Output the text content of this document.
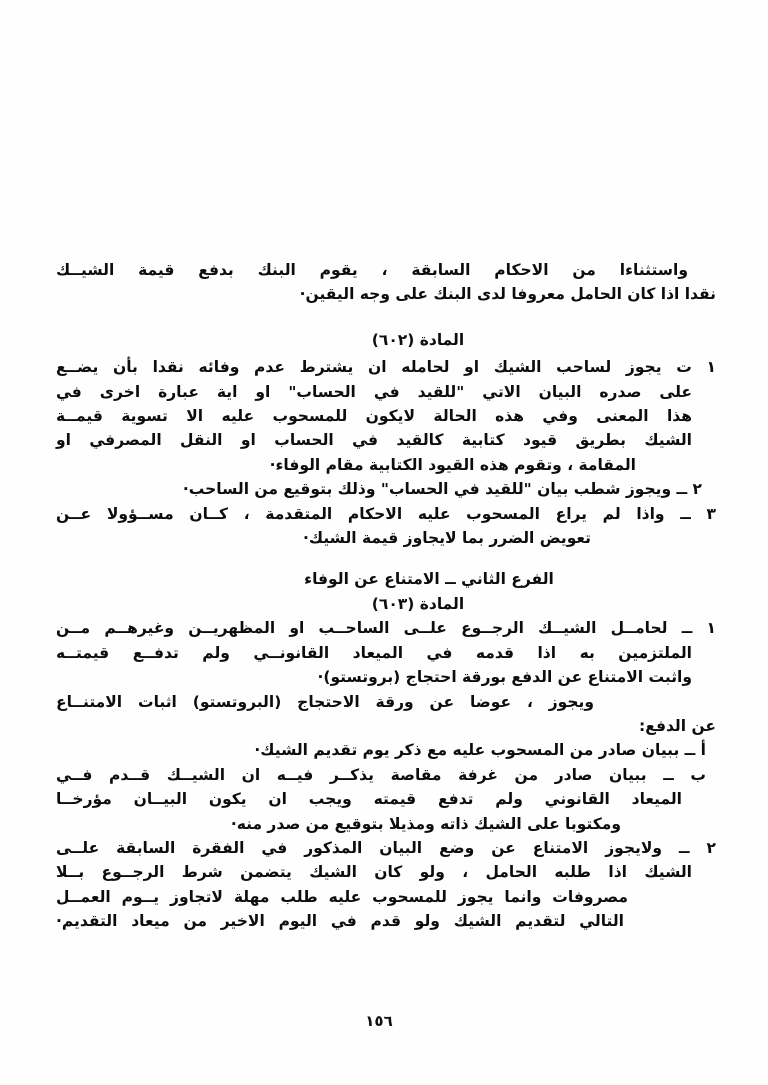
واستثناءا من الاحكام السابقة ، يقوم البنك بدفع قيمة الشيــك
نقدا اذا كان الحامل معروفا لدى البنك على وجه اليقين·
المادة (٦٠٢)
١ ت يجوز لساحب الشيك او لحامله ان يشترط عدم وفائه نقدا بأن يضــع
على صدره البيان الاتي "للقيد في الحساب" او اية عبارة اخرى في
هذا المعنى وفي هذه الحالة لايكون للمسحوب عليه الا تسوية قيمــة
الشيك بطريق قيود كتابية كالقيد في الحساب او النقل المصرفي او
المقامة ، وتقوم هذه القيود الكتابية مقام الوفاء·
٢ ــ ويجوز شطب بيان "للقيد في الحساب" وذلك بتوقيع من الساحب·
٣ ــ واذا لم يراع المسحوب عليه الاحكام المتقدمة ، كــان مســؤولا عــن
تعويض الضرر بما لايجاوز قيمة الشيك·
الفرع الثاني ــ الامتناع عن الوفاء
المادة (٦٠٣)
١ ــ لحامــل الشيــك الرجــوع علــى الساحــب او المظهريــن وغيرهــم مــن
الملتزمين به اذا قدمه في الميعاد القانونــي ولم تدفــع قيمتــه
واثبت الامتناع عن الدفع بورقة احتجاج (بروتستو)·
ويجوز ، عوضا عن ورقة الاحتجاج (البروتستو) اثبات الامتنــاع
عن الدفع:
أ ــ ببيان صادر من المسحوب عليه مع ذكر يوم تقديم الشيك·
ب ــ ببيان صادر من غرفة مقاصة يذكــر فيــه ان الشيــك قــدم فــي
الميعاد القانوني ولم تدفع قيمته ويجب ان يكون البيــان مؤرخــا
ومكتوبا على الشيك ذاته ومذيلا بتوقيع من صدر منه·
٢ ــ ولايجوز الامتناع عن وضع البيان المذكور في الفقرة السابقة علــى
الشيك اذا طلبه الحامل ، ولو كان الشيك يتضمن شرط الرجــوع بــلا
مصروفات وانما يجوز للمسحوب عليه طلب مهلة لاتجاوز يــوم العمــل
التالي لتقديم الشيك ولو قدم في اليوم الاخير من ميعاد التقديم·
١٥٦
